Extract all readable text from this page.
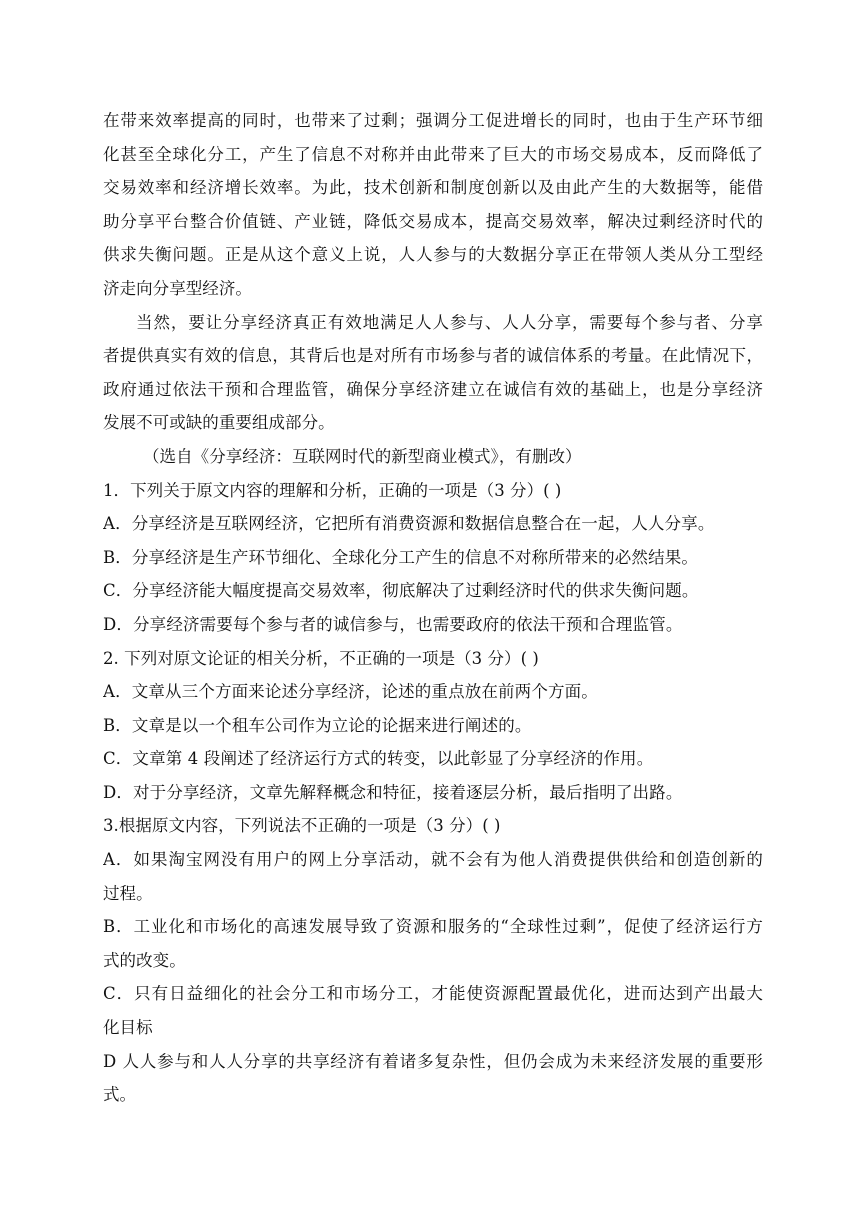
在带来效率提高的同时，也带来了过剩；强调分工促进增长的同时，也由于生产环节细
化甚至全球化分工，产生了信息不对称并由此带来了巨大的市场交易成本，反而降低了
交易效率和经济增长效率。为此，技术创新和制度创新以及由此产生的大数据等，能借
助分享平台整合价值链、产业链，降低交易成本，提高交易效率，解决过剩经济时代的
供求失衡问题。正是从这个意义上说，人人参与的大数据分享正在带领人类从分工型经
济走向分享型经济。
当然，要让分享经济真正有效地满足人人参与、人人分享，需要每个参与者、分享
者提供真实有效的信息，其背后也是对所有市场参与者的诚信体系的考量。在此情况下，
政府通过依法干预和合理监管，确保分享经济建立在诚信有效的基础上，也是分享经济
发展不可或缺的重要组成部分。
（选自《分享经济：互联网时代的新型商业模式》，有删改）
1．下列关于原文内容的理解和分析，正确的一项是（3 分）( )
A．分享经济是互联网经济，它把所有消费资源和数据信息整合在一起，人人分享。
B．分享经济是生产环节细化、全球化分工产生的信息不对称所带来的必然结果。
C．分享经济能大幅度提高交易效率，彻底解决了过剩经济时代的供求失衡问题。
D．分享经济需要每个参与者的诚信参与，也需要政府的依法干预和合理监管。
2. 下列对原文论证的相关分析，不正确的一项是（3 分）( )
A．文章从三个方面来论述分享经济，论述的重点放在前两个方面。
B．文章是以一个租车公司作为立论的论据来进行阐述的。
C．文章第 4 段阐述了经济运行方式的转变，以此彰显了分享经济的作用。
D．对于分享经济，文章先解释概念和特征，接着逐层分析，最后指明了出路。
3.根据原文内容，下列说法不正确的一项是（3 分）( )
A．如果淘宝网没有用户的网上分享活动，就不会有为他人消费提供供给和创造创新的
过程。
B．工业化和市场化的高速发展导致了资源和服务的“全球性过剩”，促使了经济运行方
式的改变。
C．只有日益细化的社会分工和市场分工，才能使资源配置最优化，进而达到产出最大
化目标
D 人人参与和人人分享的共享经济有着诸多复杂性，但仍会成为未来经济发展的重要形
式。
